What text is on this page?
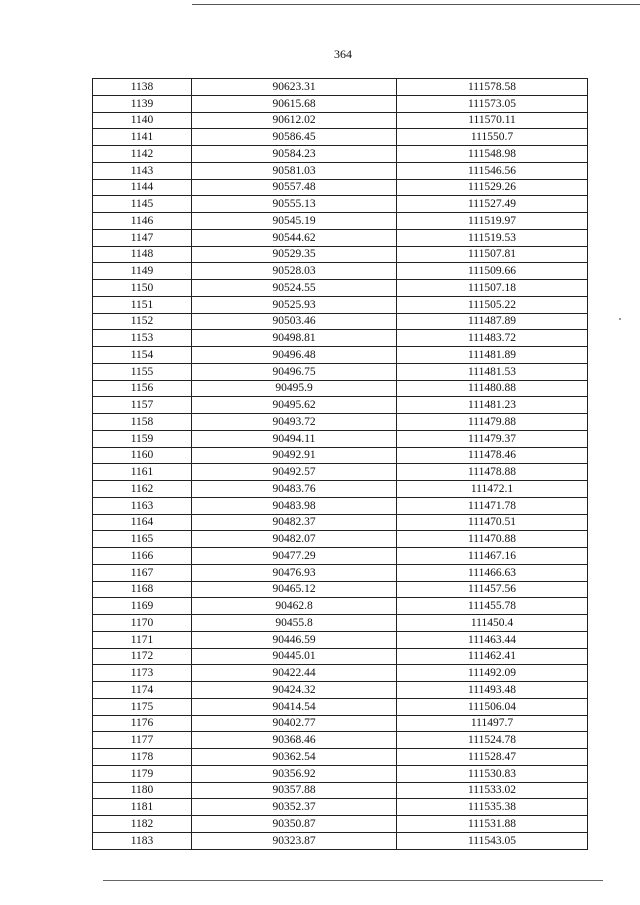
364
1138	90623.31	111578.58
1139	90615.68	111573.05
1140	90612.02	111570.11
1141	90586.45	111550.7
1142	90584.23	111548.98
1143	90581.03	111546.56
1144	90557.48	111529.26
1145	90555.13	111527.49
1146	90545.19	111519.97
1147	90544.62	111519.53
1148	90529.35	111507.81
1149	90528.03	111509.66
1150	90524.55	111507.18
1151	90525.93	111505.22
1152	90503.46	111487.89
1153	90498.81	111483.72
1154	90496.48	111481.89
1155	90496.75	111481.53
1156	90495.9	111480.88
1157	90495.62	111481.23
1158	90493.72	111479.88
1159	90494.11	111479.37
1160	90492.91	111478.46
1161	90492.57	111478.88
1162	90483.76	111472.1
1163	90483.98	111471.78
1164	90482.37	111470.51
1165	90482.07	111470.88
1166	90477.29	111467.16
1167	90476.93	111466.63
1168	90465.12	111457.56
1169	90462.8	111455.78
1170	90455.8	111450.4
1171	90446.59	111463.44
1172	90445.01	111462.41
1173	90422.44	111492.09
1174	90424.32	111493.48
1175	90414.54	111506.04
1176	90402.77	111497.7
1177	90368.46	111524.78
1178	90362.54	111528.47
1179	90356.92	111530.83
1180	90357.88	111533.02
1181	90352.37	111535.38
1182	90350.87	111531.88
1183	90323.87	111543.05
